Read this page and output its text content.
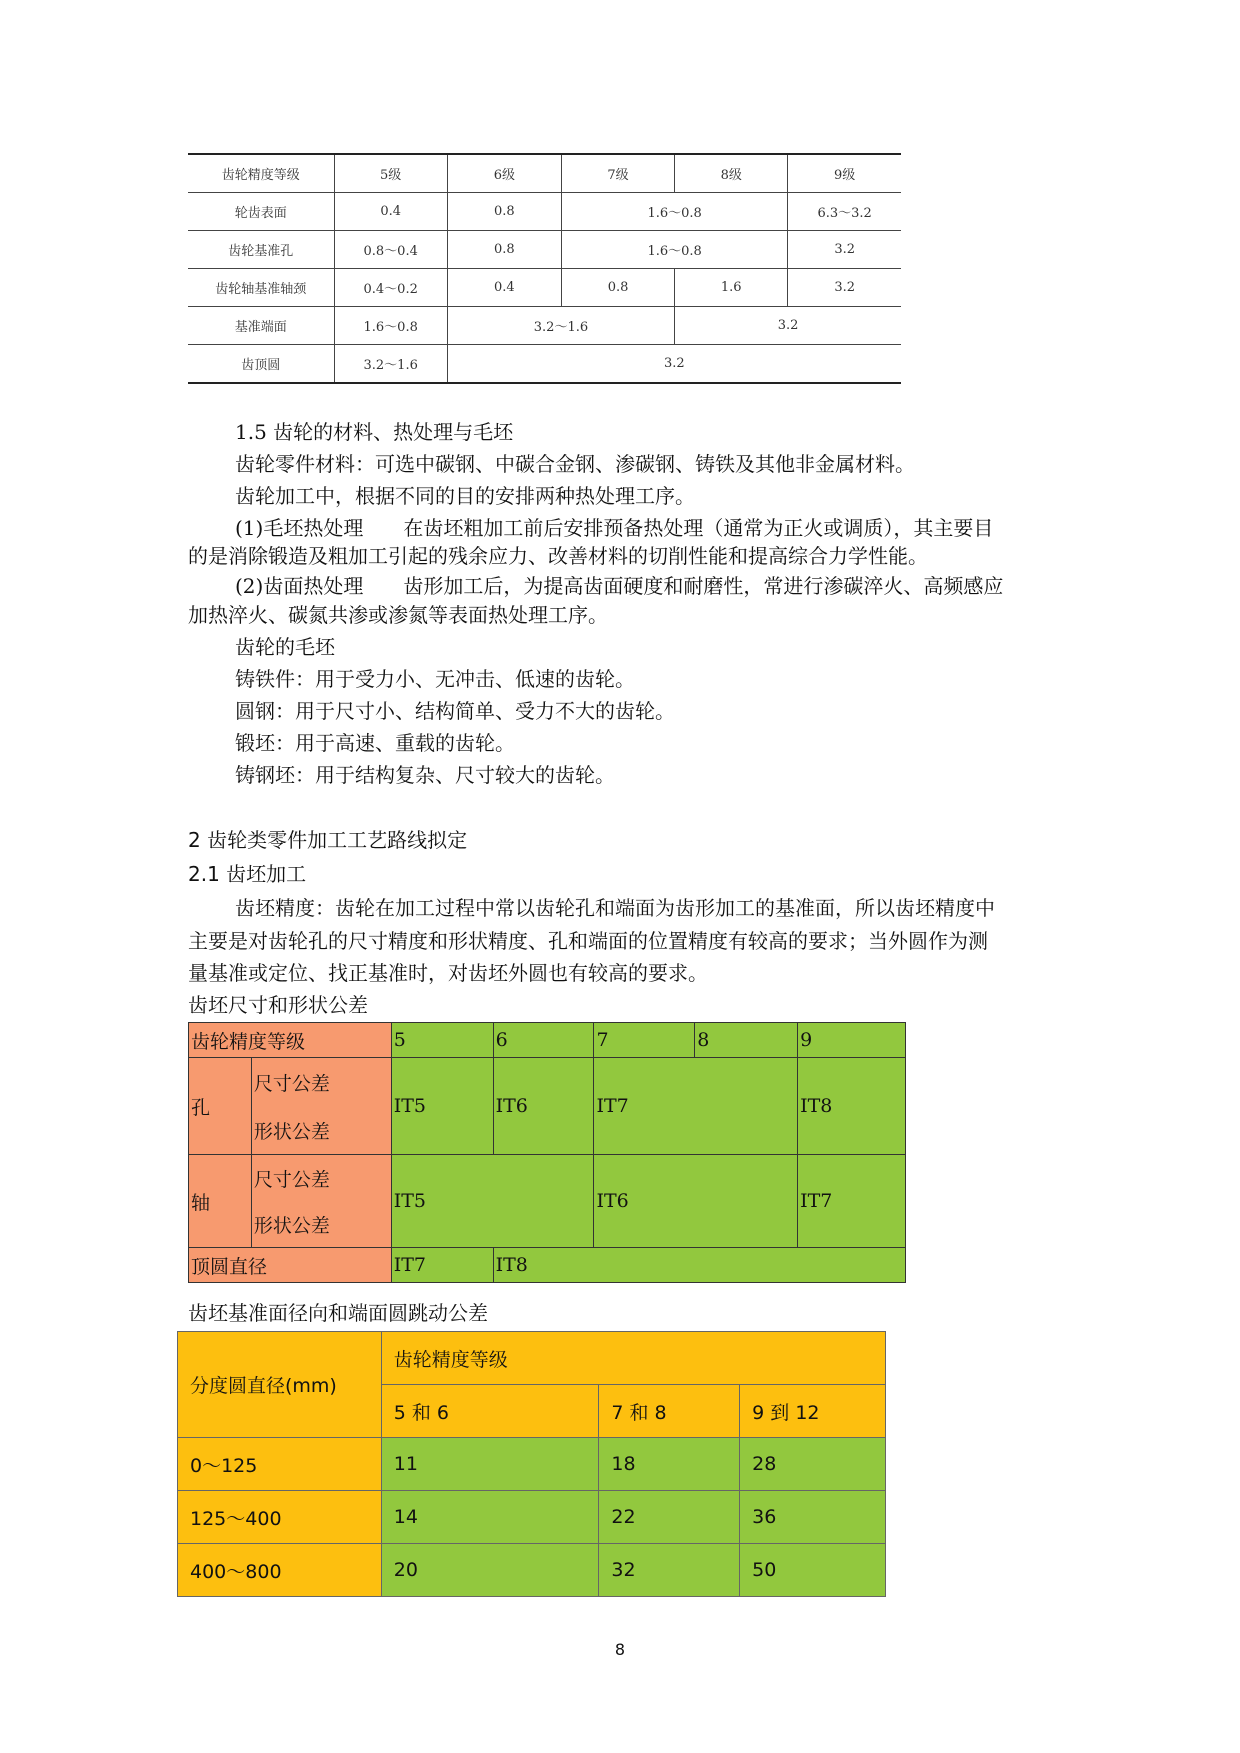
齿轮精度等级	5级	6级	7级	8级	9级
轮齿表面	0.4	0.8	1.6～0.8		6.3～3.2
齿轮基准孔	0.8～0.4	0.8	1.6～0.8		3.2
齿轮轴基准轴颈	0.4～0.2	0.4	0.8	1.6	3.2
基准端面	1.6～0.8	3.2～1.6		3.2	
齿顶圆	3.2～1.6	3.2			
1.5 齿轮的材料、热处理与毛坯
齿轮零件材料：可选中碳钢、中碳合金钢、渗碳钢、铸铁及其他非金属材料。
齿轮加工中，根据不同的目的安排两种热处理工序。
(1)毛坯热处理　　在齿坯粗加工前后安排预备热处理（通常为正火或调质），其主要目
的是消除锻造及粗加工引起的残余应力、改善材料的切削性能和提高综合力学性能。
(2)齿面热处理　　齿形加工后，为提高齿面硬度和耐磨性，常进行渗碳淬火、高频感应
加热淬火、碳氮共渗或渗氮等表面热处理工序。
齿轮的毛坯
铸铁件：用于受力小、无冲击、低速的齿轮。
圆钢：用于尺寸小、结构简单、受力不大的齿轮。
锻坯：用于高速、重载的齿轮。
铸钢坯：用于结构复杂、尺寸较大的齿轮。
2 齿轮类零件加工工艺路线拟定
2.1 齿坯加工
齿坯精度：齿轮在加工过程中常以齿轮孔和端面为齿形加工的基准面，所以齿坯精度中
主要是对齿轮孔的尺寸精度和形状精度、孔和端面的位置精度有较高的要求；当外圆作为测
量基准或定位、找正基准时，对齿坯外圆也有较高的要求。
齿坯尺寸和形状公差
齿轮精度等级		5	6	7	8	9
孔	尺寸公差	IT5	IT6	IT7		IT8
	形状公差					
轴	尺寸公差	IT5		IT6		IT7
	形状公差					
顶圆直径		IT7	IT8			
齿坯基准面径向和端面圆跳动公差
分度圆直径(mm)	齿轮精度等级		
	5 和 6	7 和 8	9 到 12
0～125	11	18	28
125～400	14	22	36
400～800	20	32	50
8
